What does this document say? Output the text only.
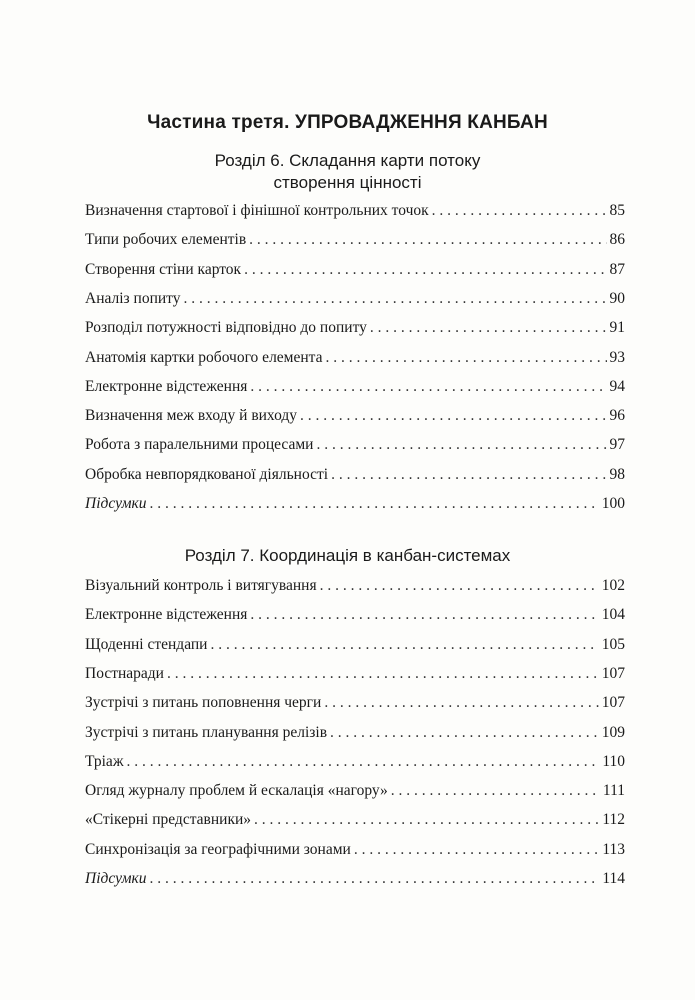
Частина третя. УПРОВАДЖЕННЯ КАНБАН
Розділ 6. Складання карти потоку
створення цінності
Визначення стартової і фінішної контрольних точок . . .	85
Типи робочих елементів . . .	86
Створення стіни карток . . .	87
Аналіз попиту . . .	90
Розподіл потужності відповідно до попиту . . .	91
Анатомія картки робочого елемента . . .	93
Електронне відстеження . . .	94
Визначення меж входу й виходу . . .	96
Робота з паралельними процесами . . .	97
Обробка невпорядкованої діяльності . . .	98
Підсумки . . .	100
Розділ 7. Координація в канбан-системах
Візуальний контроль і витягування . . .	102
Електронне відстеження . . .	104
Щоденні стендапи . . .	105
Постнаради . . .	107
Зустрічі з питань поповнення черги . . .	107
Зустрічі з питань планування релізів . . .	109
Тріаж . . .	110
Огляд журналу проблем й ескалація «нагору» . . .	111
«Стікерні представники» . . .	112
Синхронізація за географічними зонами . . .	113
Підсумки . . .	114
